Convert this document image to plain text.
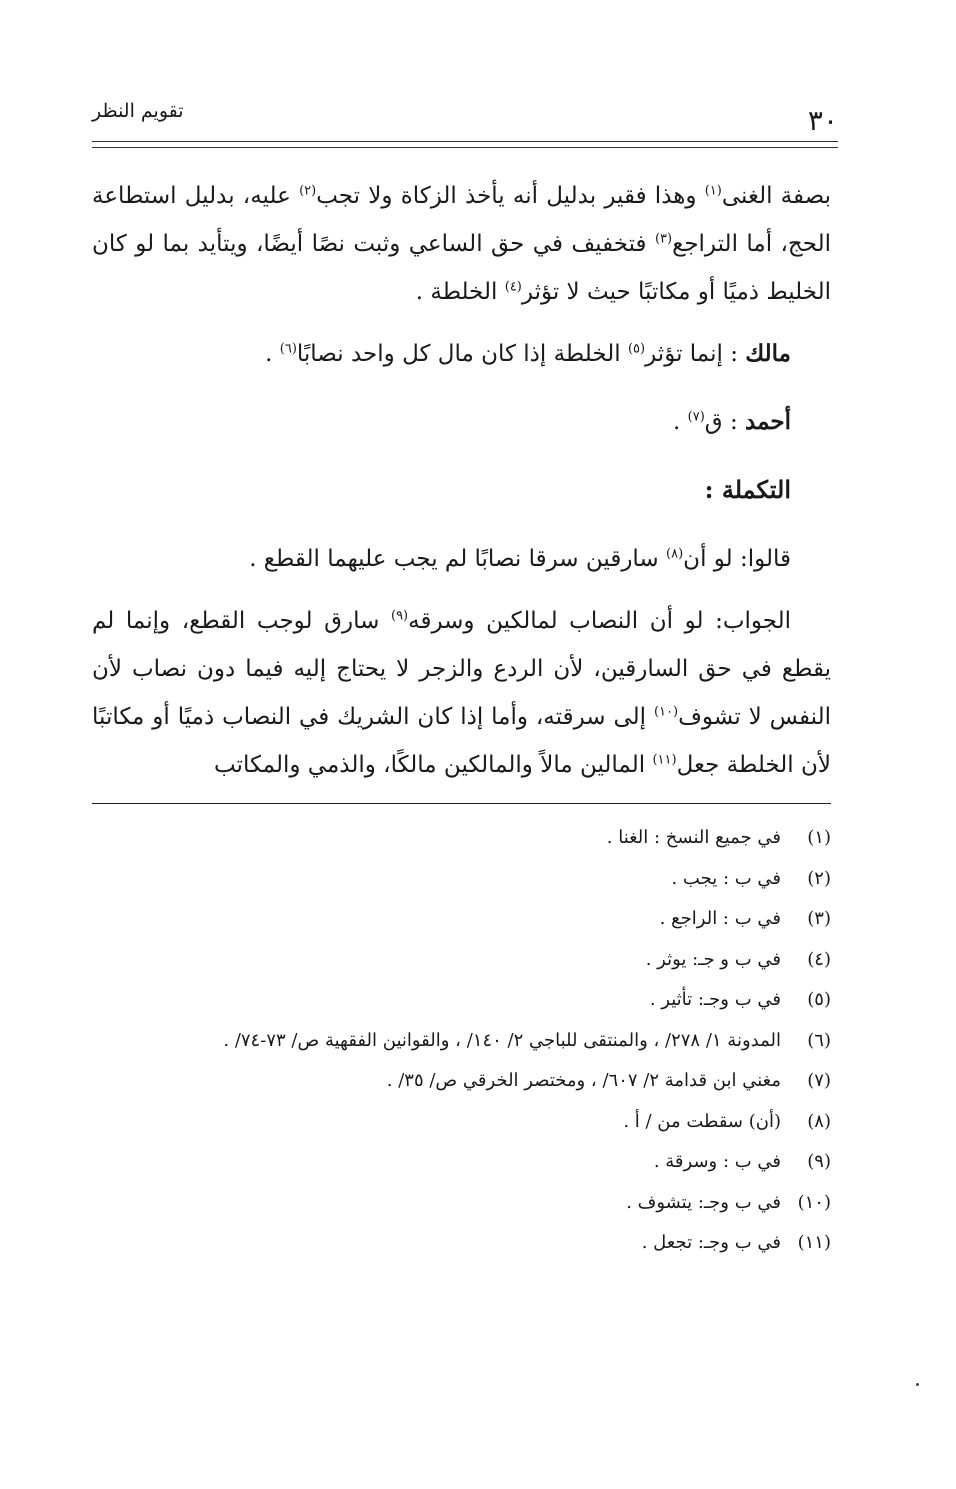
٣٠
تقويم النظر

بصفة الغنى$^{(١)}$ وهذا فقير بدليل أنه يأخذ الزكاة ولا تجب$^{(٢)}$ عليه، بدليل استطاعة الحج، أما التراجع$^{(٣)}$ فتخفيف في حق الساعي وثبت نصًا أيضًا، ويتأيد بما لو كان الخليط ذميًا أو مكاتبًا حيث لا تؤثر$^{(٤)}$ الخلطة .

مالك : إنما تؤثر$^{(٥)}$ الخلطة إذا كان مال كل واحد نصابًا$^{(٦)}$ .

أحمد : ق$^{(٧)}$ .

التكملة :

قالوا: لو أن$^{(٨)}$ سارقين سرقا نصابًا لم يجب عليهما القطع .

الجواب: لو أن النصاب لمالكين وسرقه$^{(٩)}$ سارق لوجب القطع، وإنما لم يقطع في حق السارقين، لأن الردع والزجر لا يحتاج إليه فيما دون نصاب لأن النفس لا تشوف$^{(١٠)}$ إلى سرقته، وأما إذا كان الشريك في النصاب ذميًا أو مكاتبًا لأن الخلطة جعل$^{(١١)}$ المالين مالاً والمالكين مالكًا، والذمي والمكاتب

(١)
في جميع النسخ : الغنا .
(٢)
في ب : يجب .
(٣)
في ب : الراجع .
(٤)
في ب و جـ: يوثر .
(٥)
في ب وجـ: تأثير .
(٦)
المدونة ١/ ٢٧٨/ ، والمنتقى للباجي ٢/ ١٤٠/ ، والقوانين الفقهية ص/ ٧٣-٧٤/ .
(٧)
مغني ابن قدامة ٢/ ٦٠٧/ ، ومختصر الخرقي ص/ ٣٥/ .
(٨)
(أن) سقطت من / أ .
(٩)
في ب : وسرقة .
(١٠)
في ب وجـ: يتشوف .
(١١)
في ب وجـ: تجعل .
